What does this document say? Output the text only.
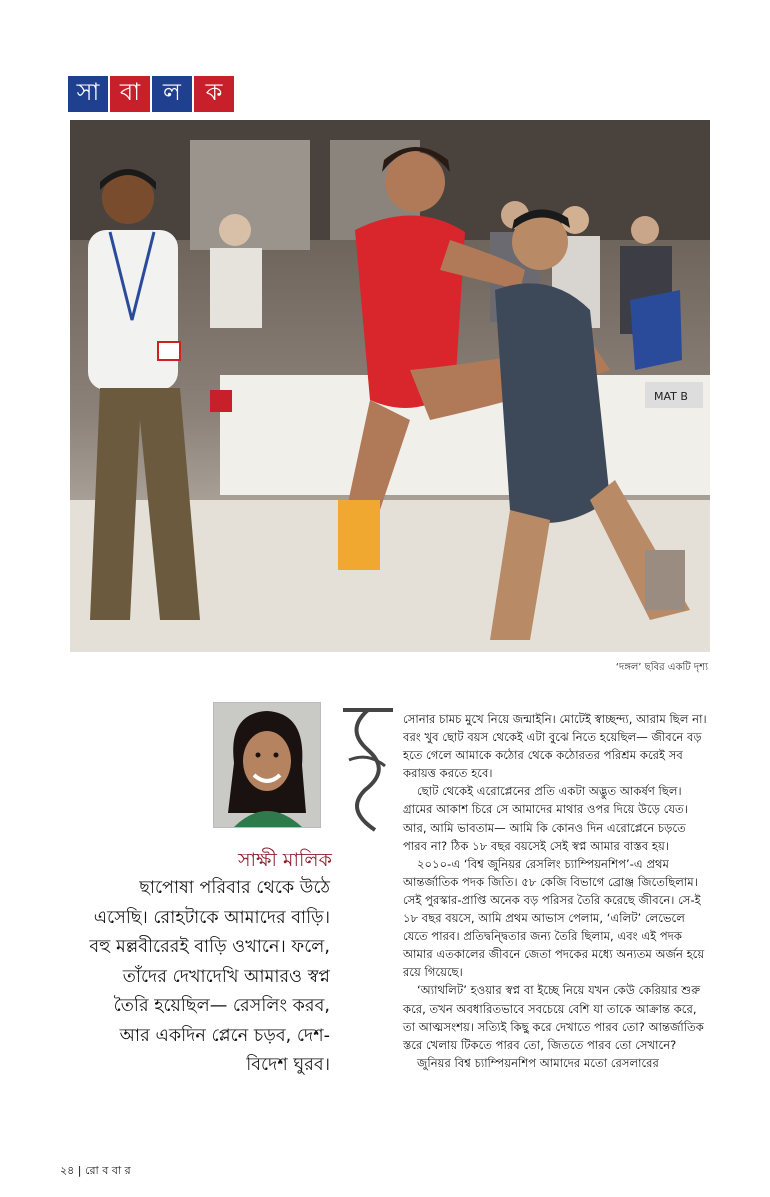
সা বা ল	ক
MAT B
‘দঙ্গল’ ছবির একটি দৃশ্য
সাক্ষী মালিক
ছাপোষা পরিবার থেকে উঠে এসেছি। রোহটাকে আমাদের বাড়ি। বহু মল্লবীরেরই বাড়ি ওখানে। ফলে, তাঁদের দেখাদেখি আমারও স্বপ্ন তৈরি হয়েছিল— রেসলিং করব, আর একদিন প্লেনে চড়ব, দেশ-বিদেশ ঘুরব।

সোনার চামচ মুখে নিয়ে জন্মাইনি। মোটেই স্বাচ্ছন্দ্য, আরাম ছিল না। বরং খুব ছোট বয়স থেকেই এটা বুঝে নিতে হয়েছিল— জীবনে বড় হতে গেলে আমাকে কঠোর থেকে কঠোরতর পরিশ্রম করেই সব করায়ত্ত করতে হবে।

ছোট থেকেই এরোপ্লেনের প্রতি একটা অদ্ভুত আকর্ষণ ছিল। গ্রামের আকাশ চিরে সে আমাদের মাথার ওপর দিয়ে উড়ে যেত। আর, আমি ভাবতাম— আমি কি কোনও দিন এরোপ্লেনে চড়তে পারব না? ঠিক ১৮ বছর বয়সেই সেই স্বপ্ন আমার বাস্তব হয়।

২০১০-এ ‘বিশ্ব জুনিয়র রেসলিং চ্যাম্পিয়নশিপ’-এ প্রথম আন্তর্জাতিক পদক জিতি। ৫৮ কেজি বিভাগে ব্রোঞ্জ জিতেছিলাম। সেই পুরস্কার-প্রাপ্তি অনেক বড় পরিসর তৈরি করেছে জীবনে। সে-ই ১৮ বছর বয়সে, আমি প্রথম আভাস পেলাম, ‘এলিট’ লেভেলে যেতে পারব। প্রতিদ্বন্দ্বিতার জন্য তৈরি ছিলাম, এবং এই পদক আমার এতকালের জীবনে জেতা পদকের মধ্যে অন্যতম অর্জন হয়ে রয়ে গিয়েছে।

‘অ্যাথলিট’ হওয়ার স্বপ্ন বা ইচ্ছে নিয়ে যখন কেউ কেরিয়ার শুরু করে, তখন অবধারিতভাবে সবচেয়ে বেশি যা তাকে আক্রান্ত করে, তা আত্মসংশয়। সত্যিই কিছু করে দেখাতে পারব তো? আন্তর্জাতিক স্তরে খেলায় টিকতে পারব তো, জিততে পারব তো সেখানে?

জুনিয়র বিশ্ব চ্যাম্পিয়নশিপ আমাদের মতো রেসলারের

২৪ | রো ব বা র
